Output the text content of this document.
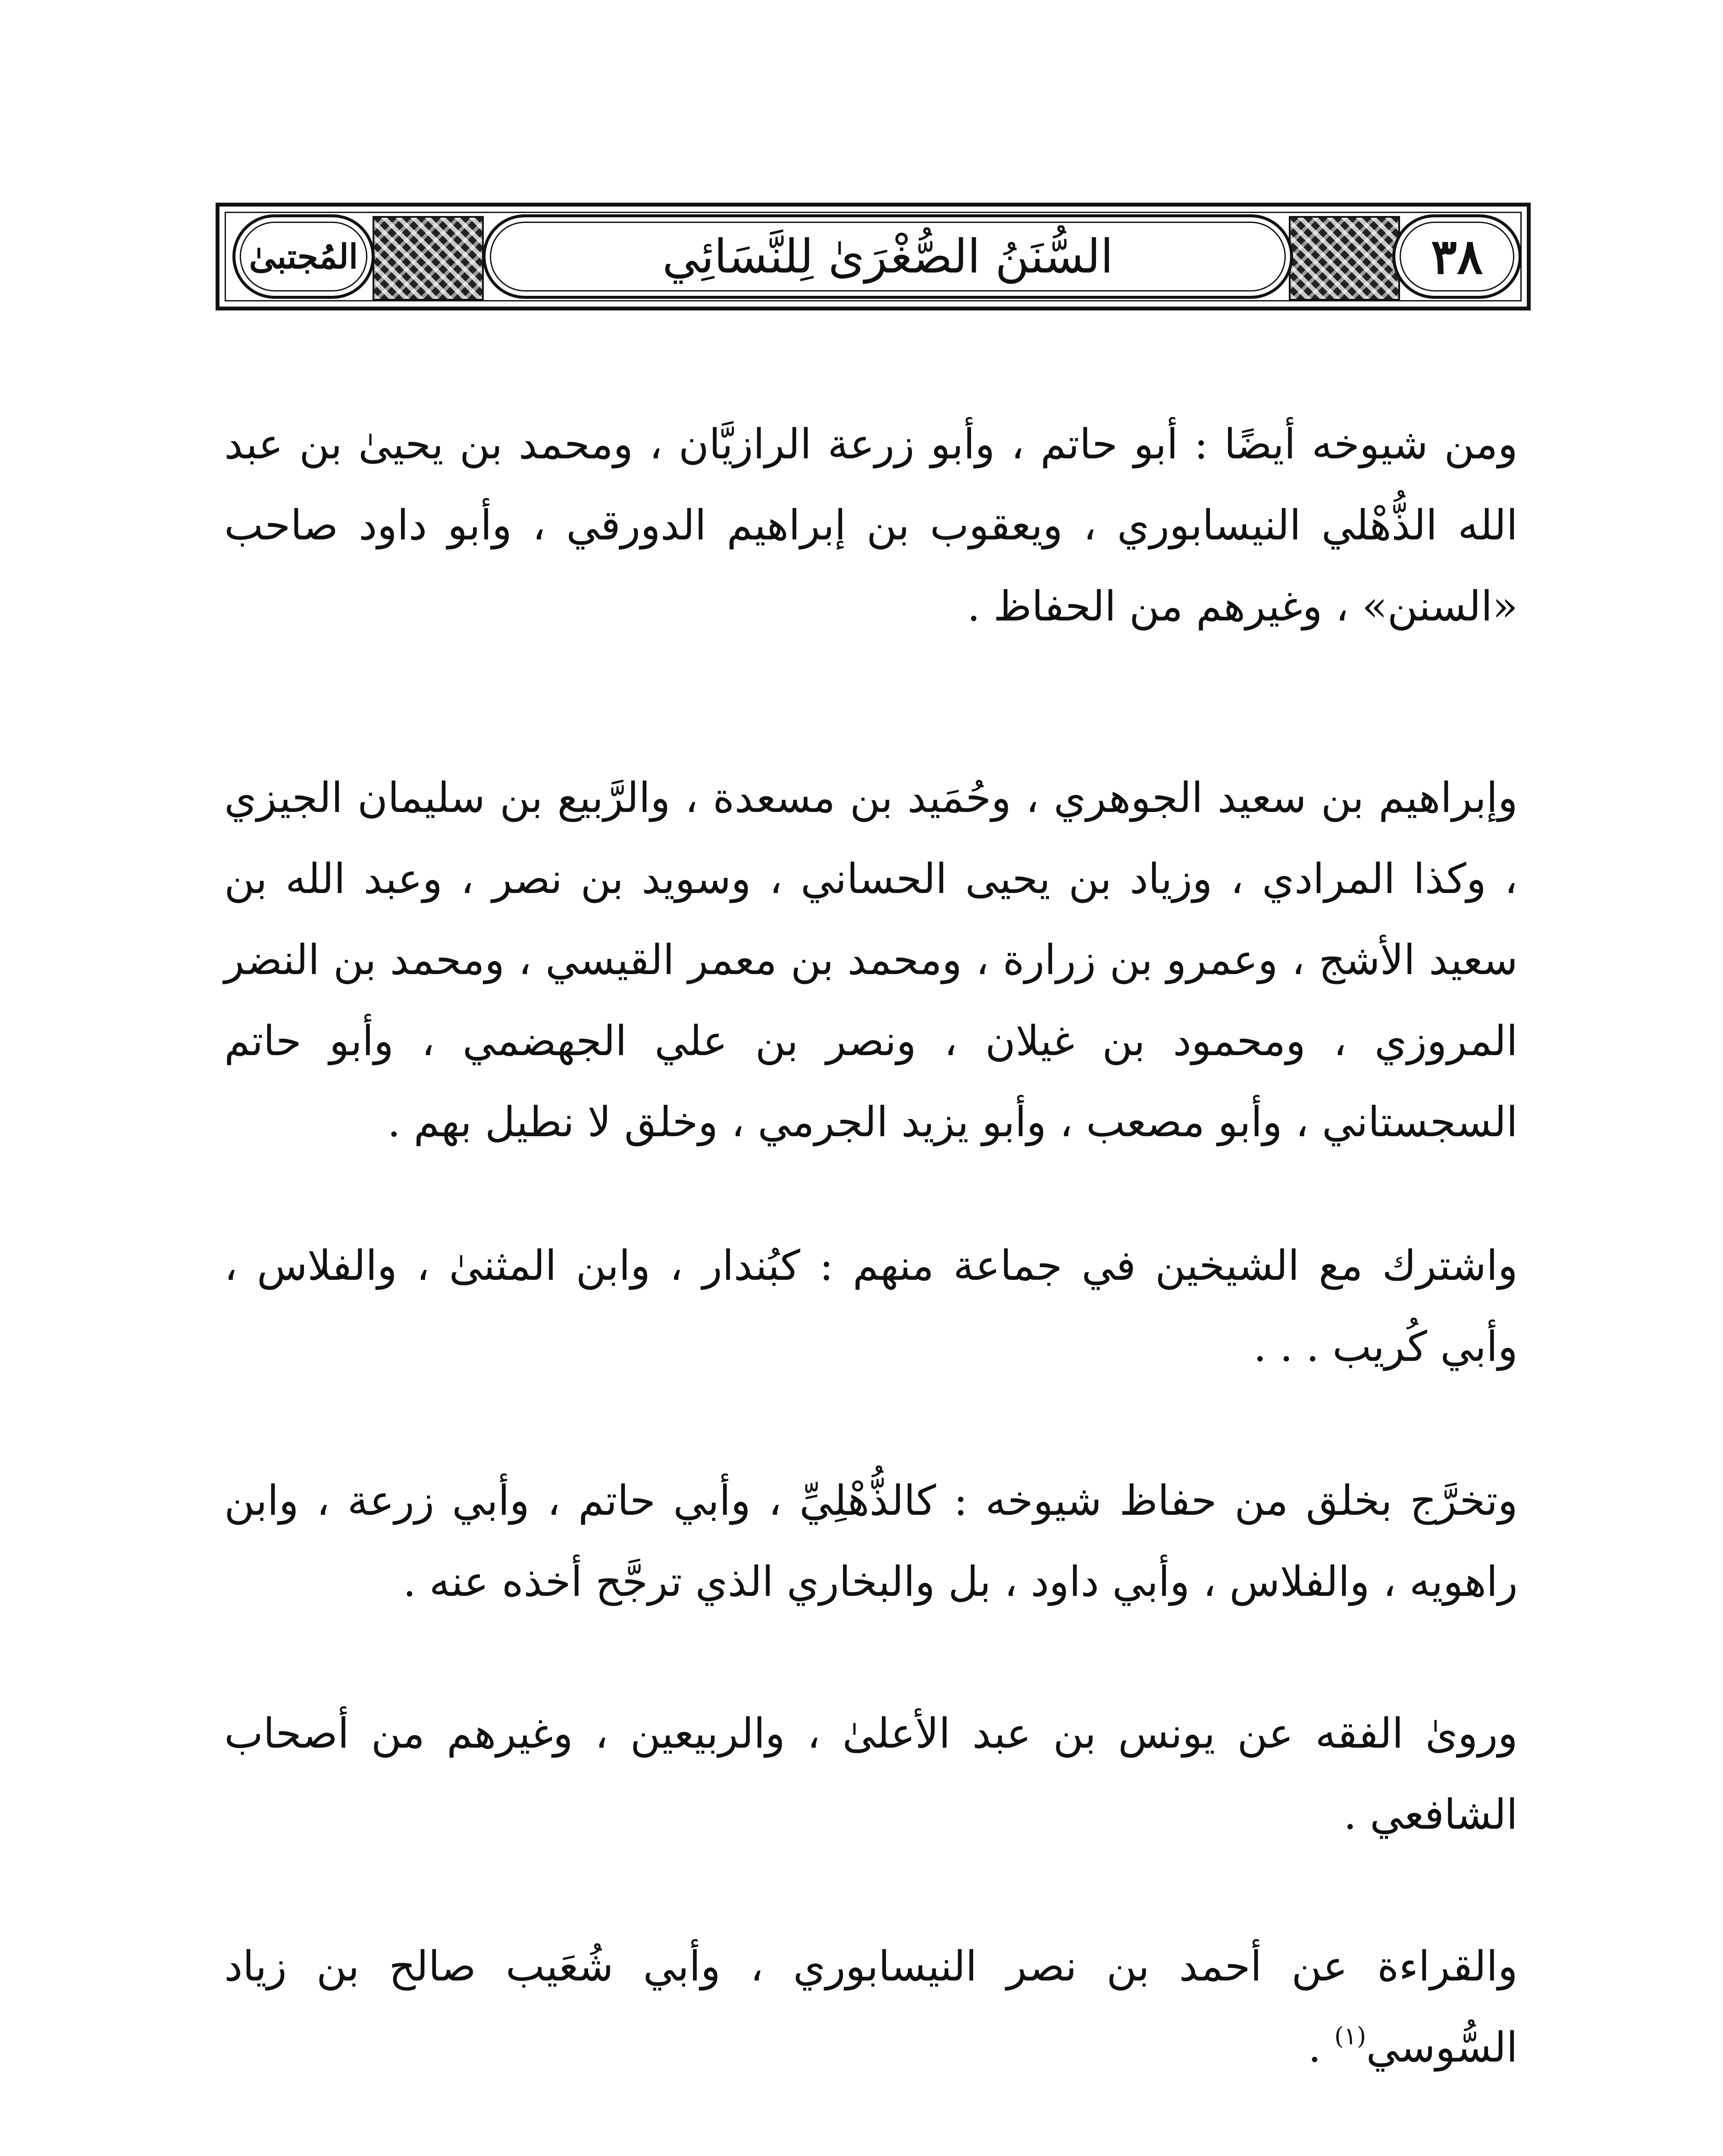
المُجتبىٰ	السُّنَنُ الصُّغْرَىٰ لِلنَّسَائِي	٣٨

ومن شيوخه أيضًا : أبو حاتم ، وأبو زرعة الرازيَّان ، ومحمد بن يحيىٰ بن عبد الله الذُّهْلي النيسابوري ، ويعقوب بن إبراهيم الدورقي ، وأبو داود صاحب «السنن» ، وغيرهم من الحفاظ .

وإبراهيم بن سعيد الجوهري ، وحُمَيد بن مسعدة ، والرَّبيع بن سليمان الجيزي ، وكذا المرادي ، وزياد بن يحيى الحساني ، وسويد بن نصر ، وعبد الله بن سعيد الأشج ، وعمرو بن زرارة ، ومحمد بن معمر القيسي ، ومحمد بن النضر المروزي ، ومحمود بن غيلان ، ونصر بن علي الجهضمي ، وأبو حاتم السجستاني ، وأبو مصعب ، وأبو يزيد الجرمي ، وخلق لا نطيل بهم .

واشترك مع الشيخين في جماعة منهم : كبُندار ، وابن المثنىٰ ، والفلاس ، وأبي كُريب . . .

وتخرَّج بخلق من حفاظ شيوخه : كالذُّهْلِيِّ ، وأبي حاتم ، وأبي زرعة ، وابن راهويه ، والفلاس ، وأبي داود ، بل والبخاري الذي ترجَّح أخذه عنه .

وروىٰ الفقه عن يونس بن عبد الأعلىٰ ، والربيعين ، وغيرهم من أصحاب الشافعي .

والقراءة عن أحمد بن نصر النيسابوري ، وأبي شُعَيب صالح بن زياد السُّوسي$^{(١)}$ .
